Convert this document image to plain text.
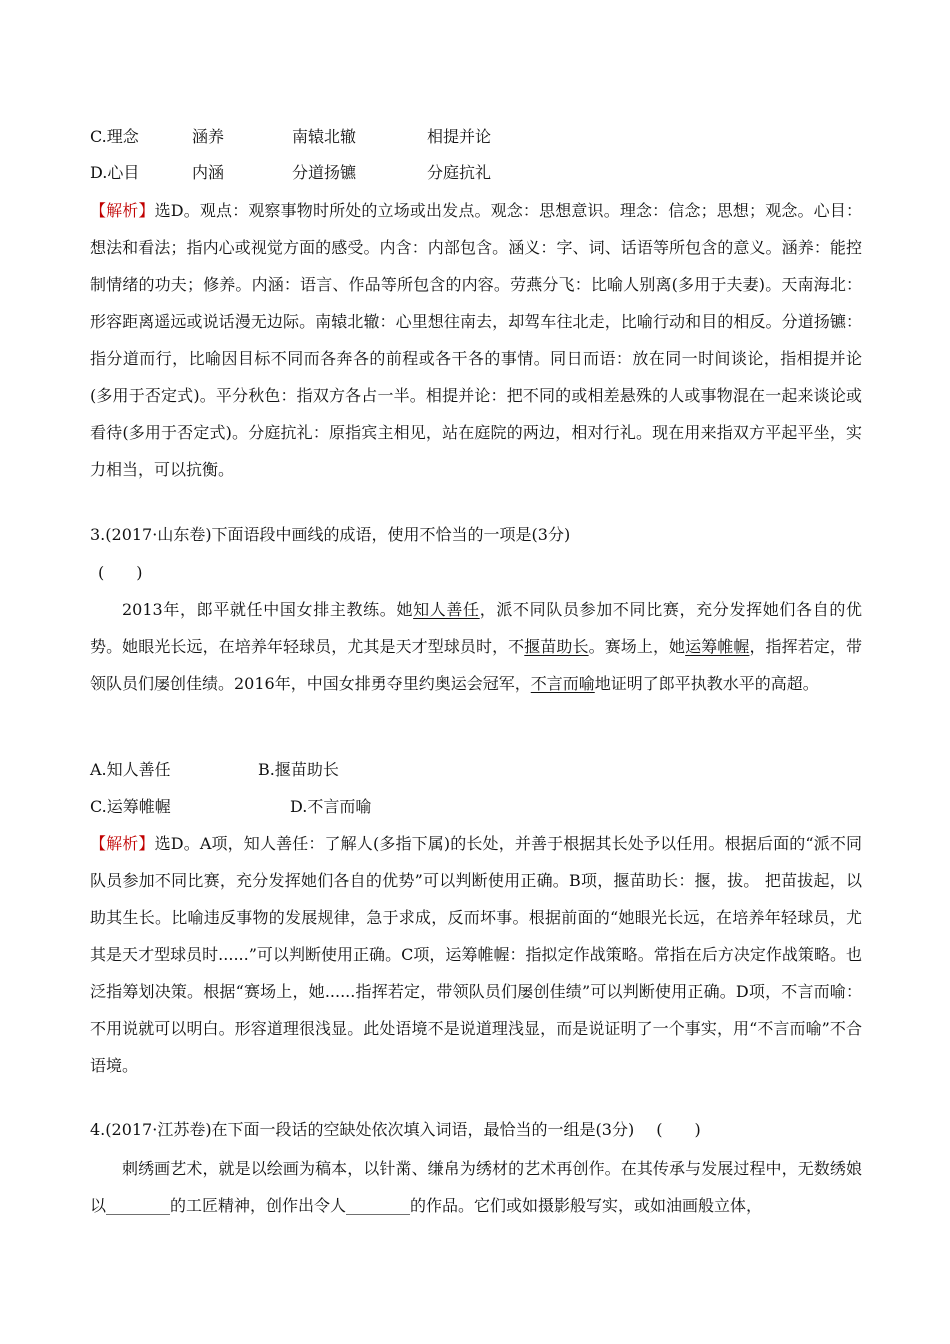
C.理念	涵养	南辕北辙	相提并论
D.心目	内涵	分道扬镳	分庭抗礼
【解析】选D。观点：观察事物时所处的立场或出发点。观念：思想意识。理念：信念；思想；观念。心目：想法和看法；指内心或视觉方面的感受。内含：内部包含。涵义：字、词、话语等所包含的意义。涵养：能控制情绪的功夫；修养。内涵：语言、作品等所包含的内容。劳燕分飞：比喻人别离(多用于夫妻)。天南海北：形容距离遥远或说话漫无边际。南辕北辙：心里想往南去，却驾车往北走，比喻行动和目的相反。分道扬镳：指分道而行，比喻因目标不同而各奔各的前程或各干各的事情。同日而语：放在同一时间谈论，指相提并论(多用于否定式)。平分秋色：指双方各占一半。相提并论：把不同的或相差悬殊的人或事物混在一起来谈论或看待(多用于否定式)。分庭抗礼：原指宾主相见，站在庭院的两边，相对行礼。现在用来指双方平起平坐，实力相当，可以抗衡。
3.(2017·山东卷)下面语段中画线的成语，使用不恰当的一项是(3分)
(　　)
2013年，郎平就任中国女排主教练。她知人善任，派不同队员参加不同比赛，充分发挥她们各自的优势。她眼光长远，在培养年轻球员，尤其是天才型球员时，不揠苗助长。赛场上，她运筹帷幄，指挥若定，带领队员们屡创佳绩。2016年，中国女排勇夺里约奥运会冠军，不言而喻地证明了郎平执教水平的高超。
A.知人善任	B.揠苗助长
C.运筹帷幄	D.不言而喻
【解析】选D。A项，知人善任：了解人(多指下属)的长处，并善于根据其长处予以任用。根据后面的“派不同队员参加不同比赛，充分发挥她们各自的优势”可以判断使用正确。B项，揠苗助长：揠，拔。 把苗拔起，以助其生长。比喻违反事物的发展规律，急于求成，反而坏事。根据前面的“她眼光长远，在培养年轻球员，尤其是天才型球员时......”可以判断使用正确。C项，运筹帷幄：指拟定作战策略。常指在后方决定作战策略。也泛指筹划决策。根据“赛场上，她......指挥若定，带领队员们屡创佳绩”可以判断使用正确。D项，不言而喻：不用说就可以明白。形容道理很浅显。此处语境不是说道理浅显，而是说证明了一个事实，用“不言而喻”不合语境。
4.(2017·江苏卷)在下面一段话的空缺处依次填入词语，最恰当的一组是(3分) (　　)
刺绣画艺术，就是以绘画为稿本，以针黹、缣帛为绣材的艺术再创作。在其传承与发展过程中，无数绣娘以________的工匠精神，创作出令人________的作品。它们或如摄影般写实，或如油画般立体，
